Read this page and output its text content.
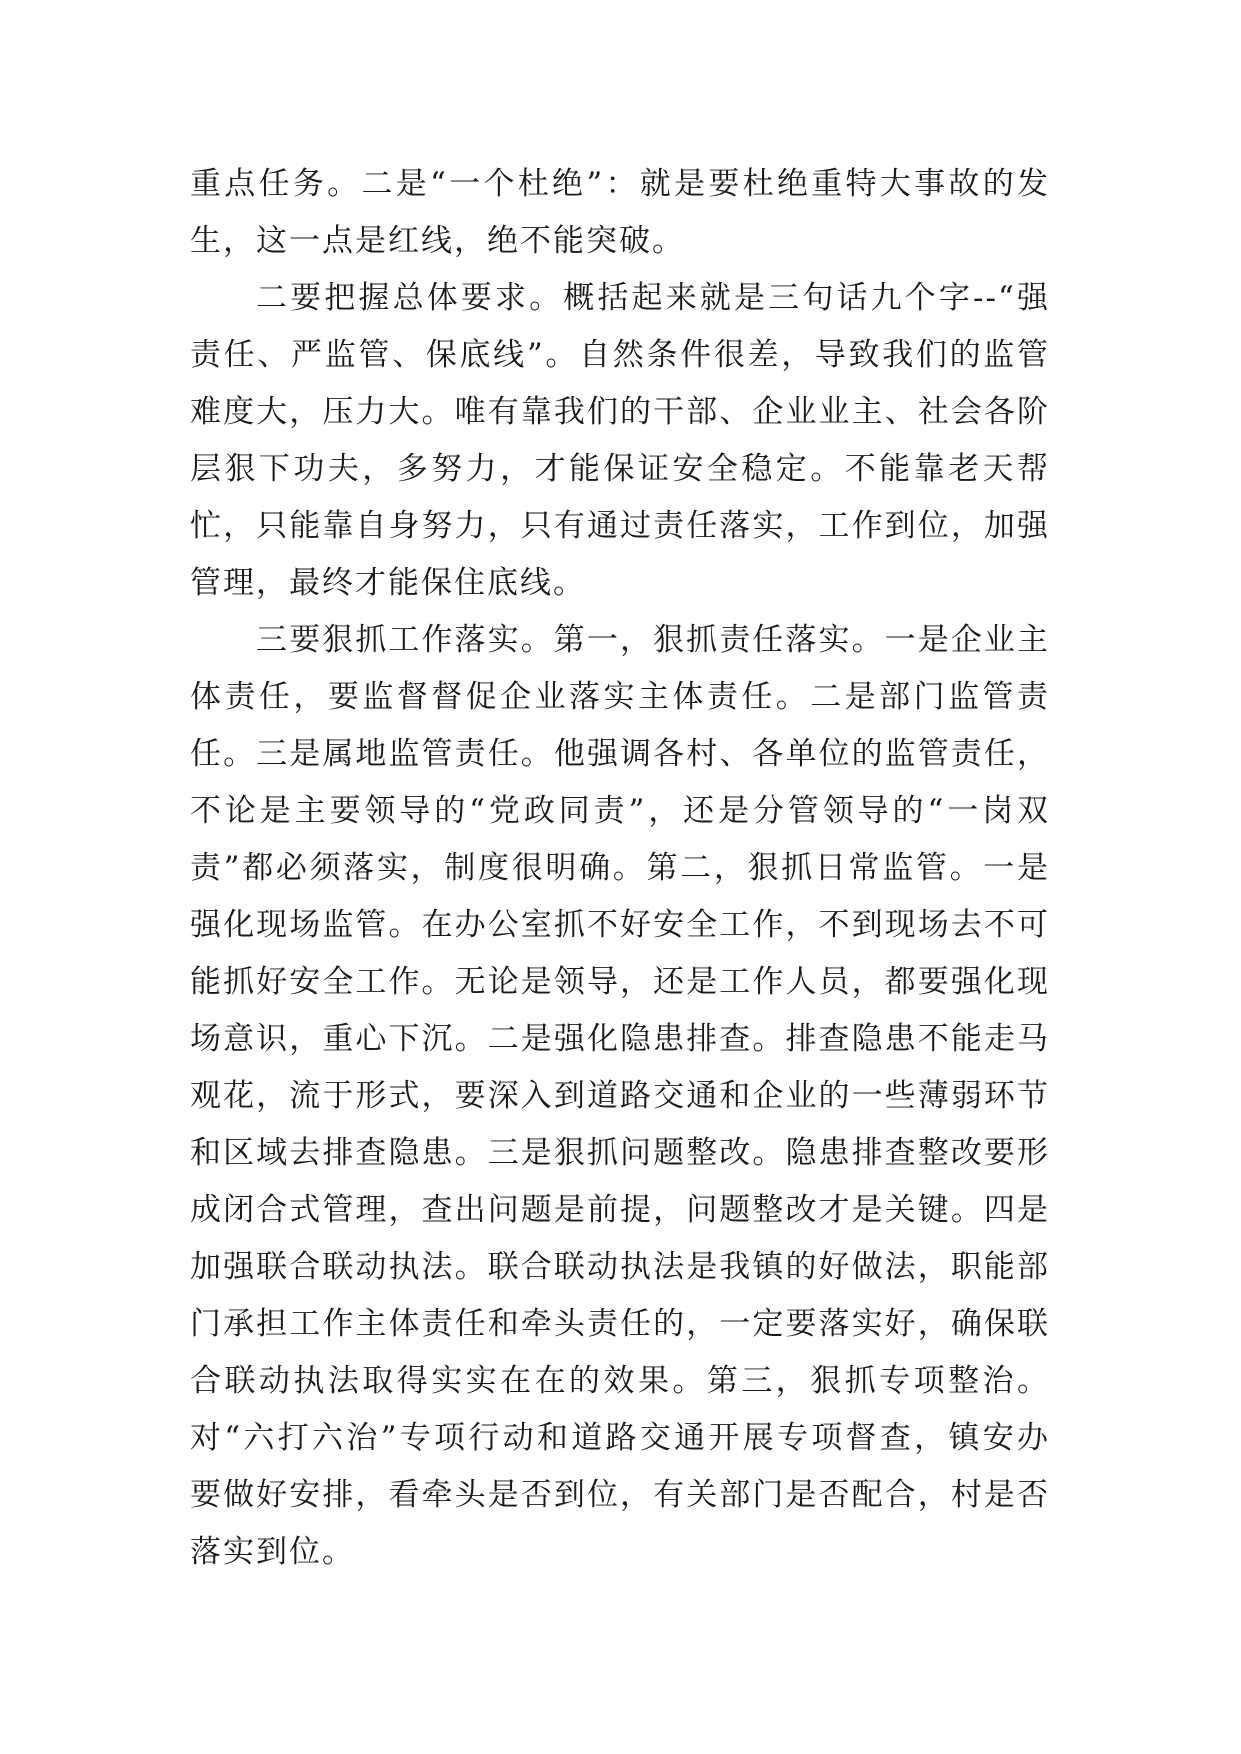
重点任务。二是“一个杜绝”：就是要杜绝重特大事故的发生，这一点是红线，绝不能突破。

二要把握总体要求。概括起来就是三句话九个字--“强责任、严监管、保底线”。自然条件很差，导致我们的监管难度大，压力大。唯有靠我们的干部、企业业主、社会各阶层狠下功夫，多努力，才能保证安全稳定。不能靠老天帮忙，只能靠自身努力，只有通过责任落实，工作到位，加强管理，最终才能保住底线。

三要狠抓工作落实。第一，狠抓责任落实。一是企业主体责任，要监督督促企业落实主体责任。二是部门监管责任。三是属地监管责任。他强调各村、各单位的监管责任，不论是主要领导的“党政同责”，还是分管领导的“一岗双责”都必须落实，制度很明确。第二，狠抓日常监管。一是强化现场监管。在办公室抓不好安全工作，不到现场去不可能抓好安全工作。无论是领导，还是工作人员，都要强化现场意识，重心下沉。二是强化隐患排查。排查隐患不能走马观花，流于形式，要深入到道路交通和企业的一些薄弱环节和区域去排查隐患。三是狠抓问题整改。隐患排查整改要形成闭合式管理，查出问题是前提，问题整改才是关键。四是加强联合联动执法。联合联动执法是我镇的好做法，职能部门承担工作主体责任和牵头责任的，一定要落实好，确保联合联动执法取得实实在在的效果。第三，狠抓专项整治。对“六打六治”专项行动和道路交通开展专项督查，镇安办要做好安排，看牵头是否到位，有关部门是否配合，村是否落实到位。
